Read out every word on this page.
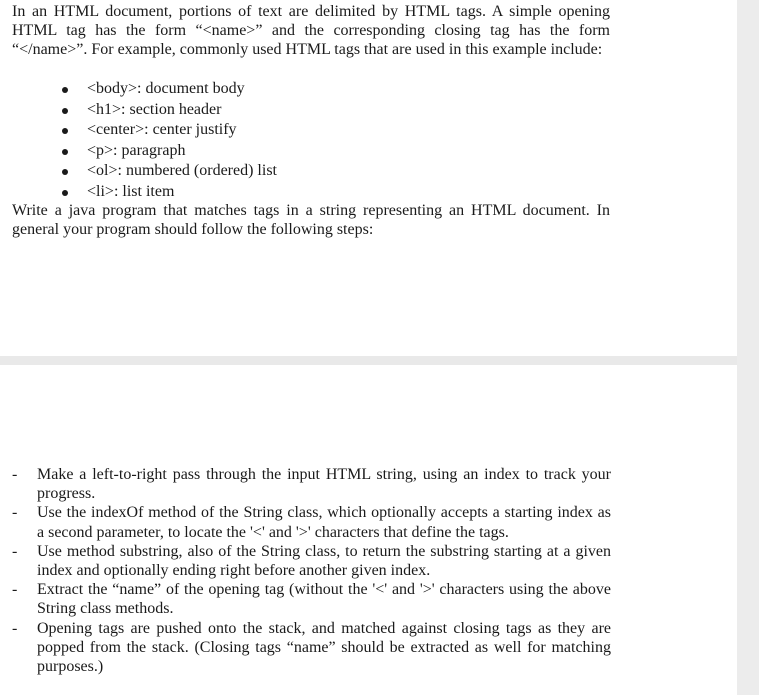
In an HTML document, portions of text are delimited by HTML tags. A simple opening HTML tag has the form “<name>” and the corresponding closing tag has the form “</name>”. For example, commonly used HTML tags that are used in this example include:

<body>: document body
<h1>: section header
<center>: center justify
<p>: paragraph
<ol>: numbered (ordered) list
<li>: list item

Write a java program that matches tags in a string representing an HTML document. In general your program should follow the following steps:

- Make a left-to-right pass through the input HTML string, using an index to track your progress.
- Use the indexOf method of the String class, which optionally accepts a starting index as a second parameter, to locate the '<' and '>' characters that define the tags.
- Use method substring, also of the String class, to return the substring starting at a given index and optionally ending right before another given index.
- Extract the “name” of the opening tag (without the '<' and '>' characters using the above String class methods.
- Opening tags are pushed onto the stack, and matched against closing tags as they are popped from the stack. (Closing tags “name” should be extracted as well for matching purposes.)
